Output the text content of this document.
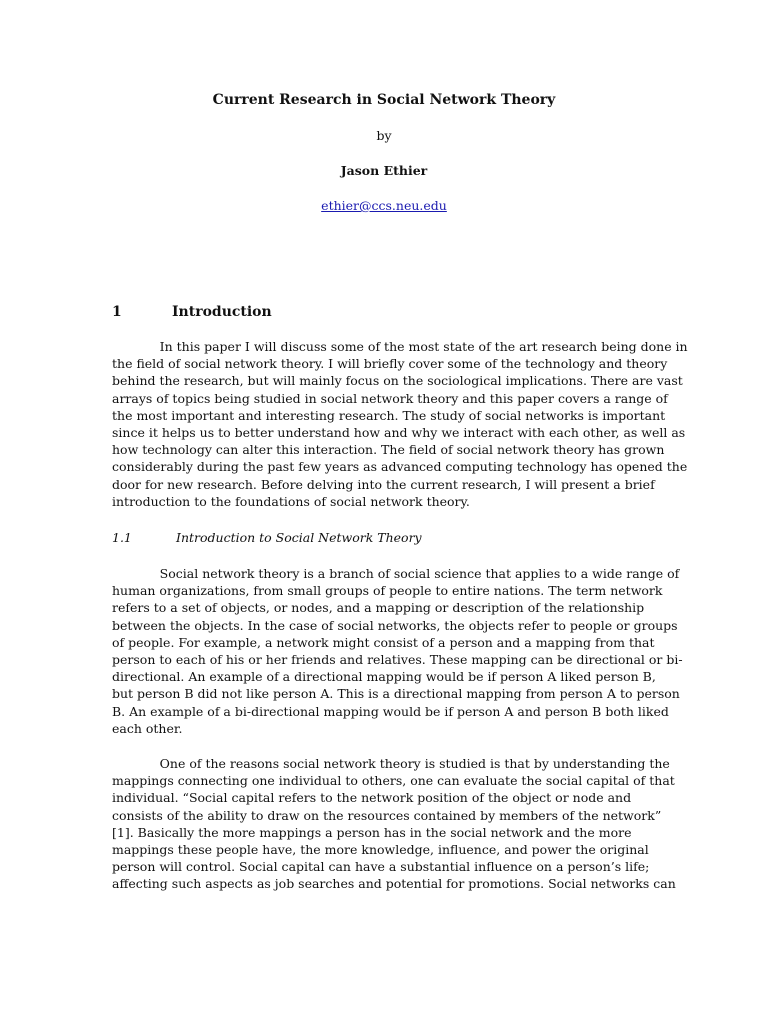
Current Research in Social Network Theory
by
Jason Ethier
ethier@ccs.neu.edu
1	Introduction
In this paper I will discuss some of the most state of the art research being done in
the field of social network theory. I will briefly cover some of the technology and theory
behind the research, but will mainly focus on the sociological implications. There are vast
arrays of topics being studied in social network theory and this paper covers a range of
the most important and interesting research. The study of social networks is important
since it helps us to better understand how and why we interact with each other, as well as
how technology can alter this interaction. The field of social network theory has grown
considerably during the past few years as advanced computing technology has opened the
door for new research. Before delving into the current research, I will present a brief
introduction to the foundations of social network theory.
1.1	Introduction to Social Network Theory
Social network theory is a branch of social science that applies to a wide range of
human organizations, from small groups of people to entire nations. The term network
refers to a set of objects, or nodes, and a mapping or description of the relationship
between the objects. In the case of social networks, the objects refer to people or groups
of people. For example, a network might consist of a person and a mapping from that
person to each of his or her friends and relatives. These mapping can be directional or bi-
directional. An example of a directional mapping would be if person A liked person B,
but person B did not like person A. This is a directional mapping from person A to person
B. An example of a bi-directional mapping would be if person A and person B both liked
each other.
One of the reasons social network theory is studied is that by understanding the
mappings connecting one individual to others, one can evaluate the social capital of that
individual. “Social capital refers to the network position of the object or node and
consists of the ability to draw on the resources contained by members of the network”
[1]. Basically the more mappings a person has in the social network and the more
mappings these people have, the more knowledge, influence, and power the original
person will control. Social capital can have a substantial influence on a person’s life;
affecting such aspects as job searches and potential for promotions. Social networks can
